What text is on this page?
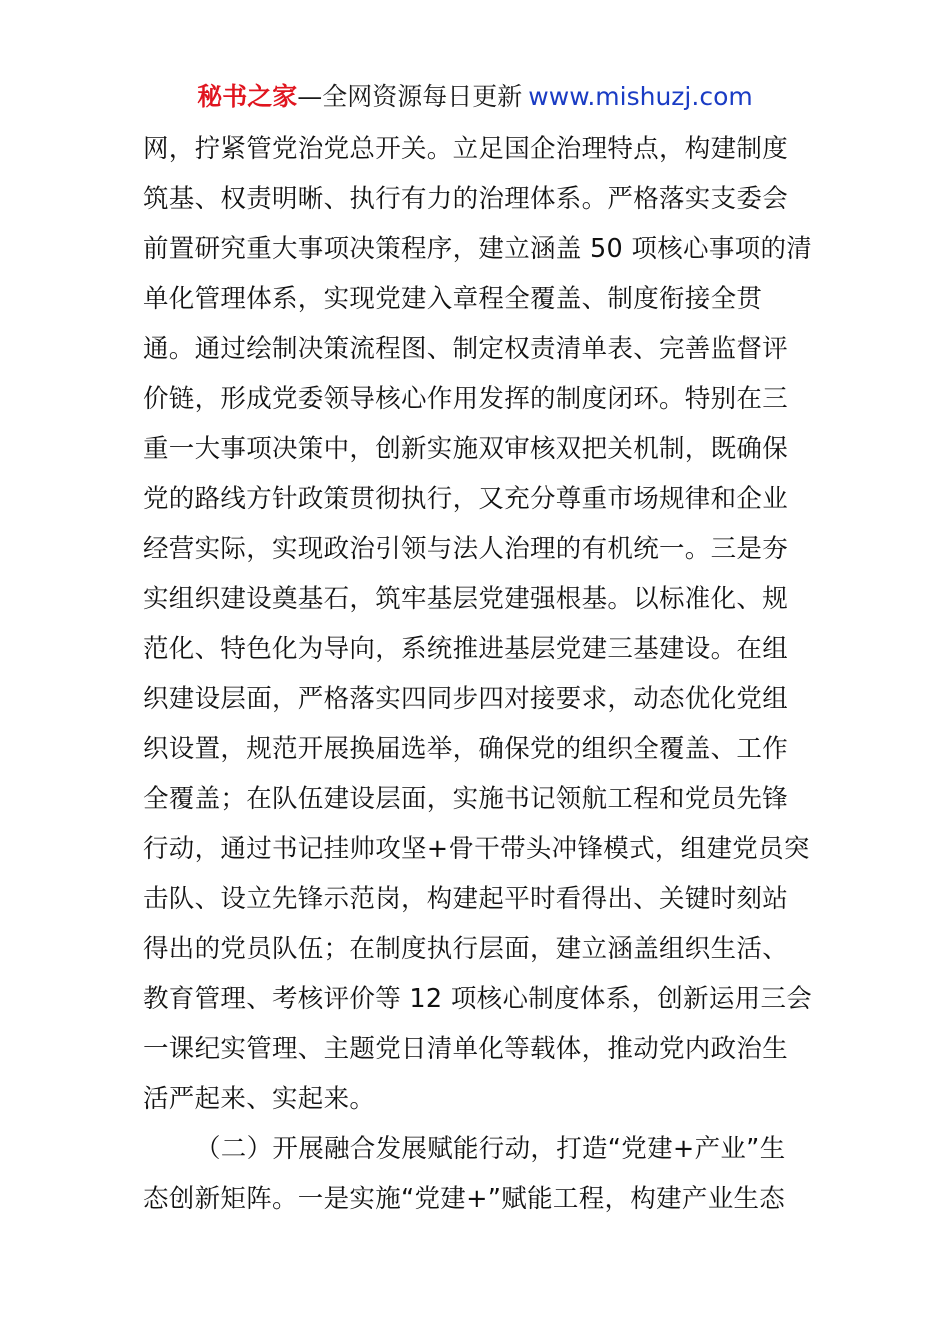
秘书之家—全网资源每日更新 www.mishuzj.com
网，拧紧管党治党总开关。立足国企治理特点，构建制度
筑基、权责明晰、执行有力的治理体系。严格落实支委会
前置研究重大事项决策程序，建立涵盖 50 项核心事项的清
单化管理体系，实现党建入章程全覆盖、制度衔接全贯
通。通过绘制决策流程图、制定权责清单表、完善监督评
价链，形成党委领导核心作用发挥的制度闭环。特别在三
重一大事项决策中，创新实施双审核双把关机制，既确保
党的路线方针政策贯彻执行，又充分尊重市场规律和企业
经营实际，实现政治引领与法人治理的有机统一。三是夯
实组织建设奠基石，筑牢基层党建强根基。以标准化、规
范化、特色化为导向，系统推进基层党建三基建设。在组
织建设层面，严格落实四同步四对接要求，动态优化党组
织设置，规范开展换届选举，确保党的组织全覆盖、工作
全覆盖；在队伍建设层面，实施书记领航工程和党员先锋
行动，通过书记挂帅攻坚+骨干带头冲锋模式，组建党员突
击队、设立先锋示范岗，构建起平时看得出、关键时刻站
得出的党员队伍；在制度执行层面，建立涵盖组织生活、
教育管理、考核评价等 12 项核心制度体系，创新运用三会
一课纪实管理、主题党日清单化等载体，推动党内政治生
活严起来、实起来。
（二）开展融合发展赋能行动，打造“党建+产业”生
态创新矩阵。一是实施“党建+”赋能工程，构建产业生态
